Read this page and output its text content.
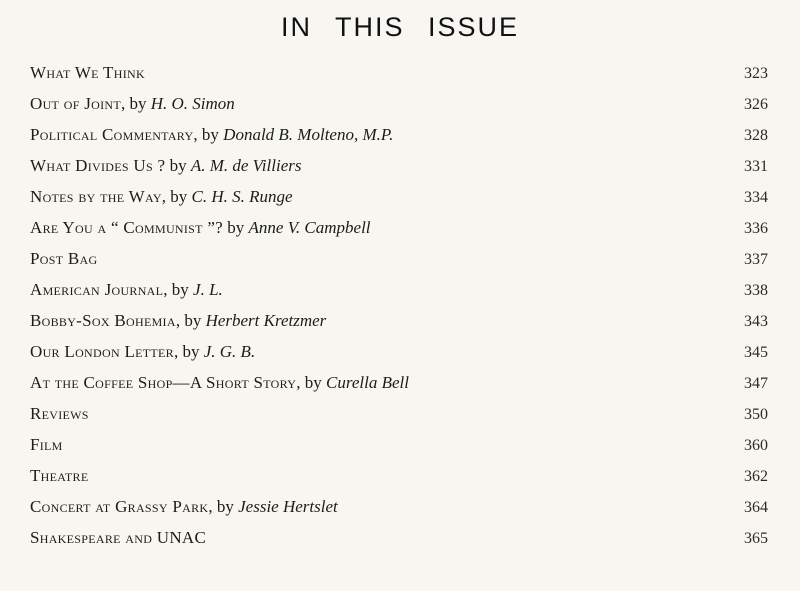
IN THIS ISSUE
What We Think	323
Out of Joint, by H. O. Simon	326
Political Commentary, by Donald B. Molteno, M.P.	328
What Divides Us ? by A. M. de Villiers	331
Notes by the Way, by C. H. S. Runge	334
Are You a “ Communist ”? by Anne V. Campbell	336
Post Bag	337
American Journal, by J. L.	338
Bobby-Sox Bohemia, by Herbert Kretzmer	343
Our London Letter, by J. G. B.	345
At the Coffee Shop—A Short Story, by Curella Bell	347
Reviews	350
Film	360
Theatre	362
Concert at Grassy Park, by Jessie Hertslet	364
Shakespeare and UNAC	365
